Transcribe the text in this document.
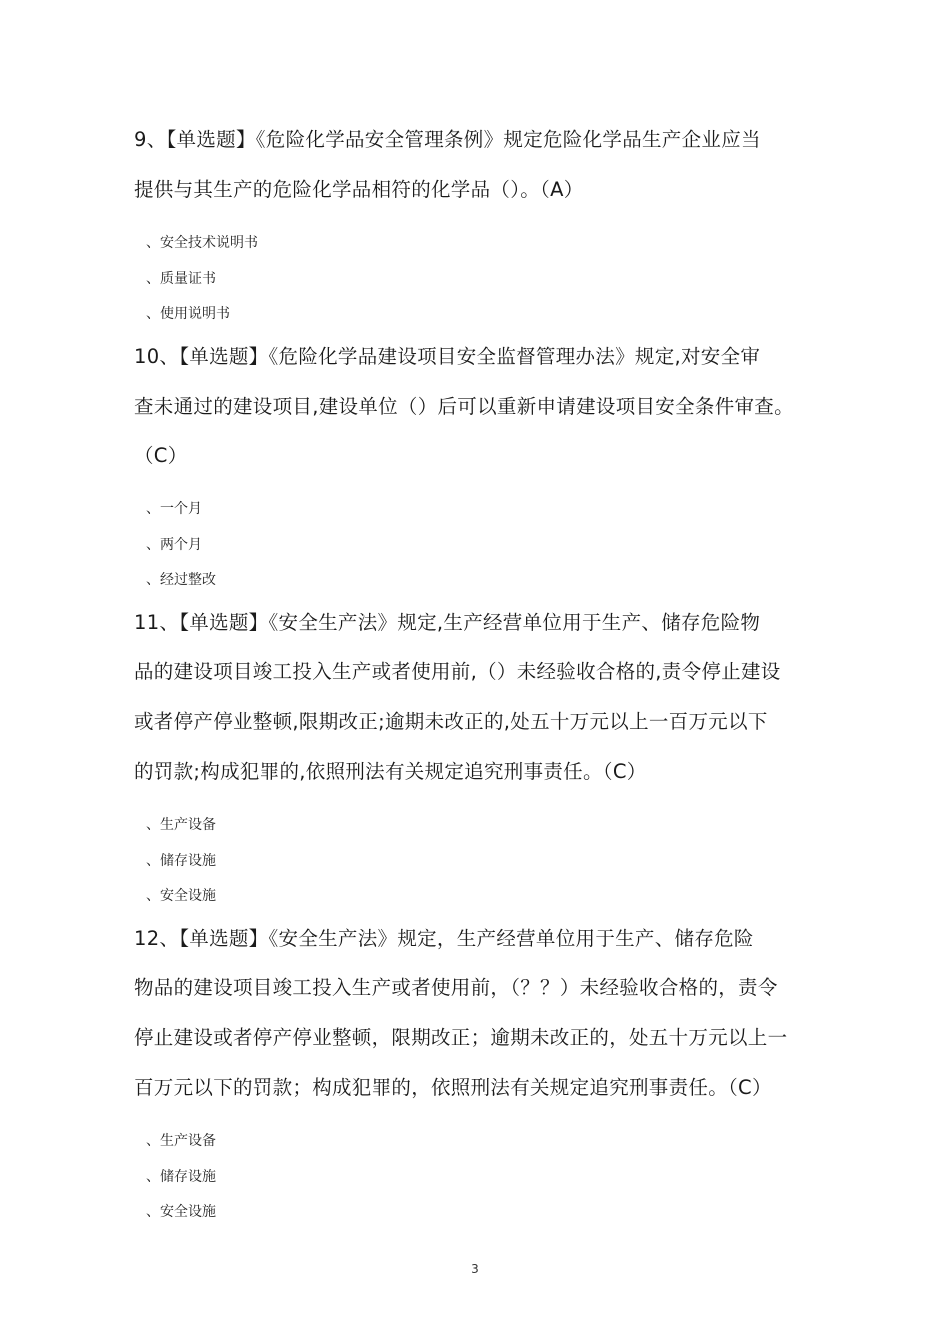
9、【单选题】《危险化学品安全管理条例》规定危险化学品生产企业应当

提供与其生产的危险化学品相符的化学品（）。（A）

、安全技术说明书

、质量证书

、使用说明书

10、【单选题】《危险化学品建设项目安全监督管理办法》规定,对安全审

查未通过的建设项目,建设单位（）后可以重新申请建设项目安全条件审查。

（C）

、一个月

、两个月

、经过整改

11、【单选题】《安全生产法》规定,生产经营单位用于生产、储存危险物

品的建设项目竣工投入生产或者使用前,（）未经验收合格的,责令停止建设

或者停产停业整顿,限期改正;逾期未改正的,处五十万元以上一百万元以下

的罚款;构成犯罪的,依照刑法有关规定追究刑事责任。（C）

、生产设备

、储存设施

、安全设施

12、【单选题】《安全生产法》规定，生产经营单位用于生产、储存危险

物品的建设项目竣工投入生产或者使用前，（？？）未经验收合格的，责令

停止建设或者停产停业整顿，限期改正；逾期未改正的，处五十万元以上一

百万元以下的罚款；构成犯罪的，依照刑法有关规定追究刑事责任。（C）

、生产设备

、储存设施

、安全设施

3
